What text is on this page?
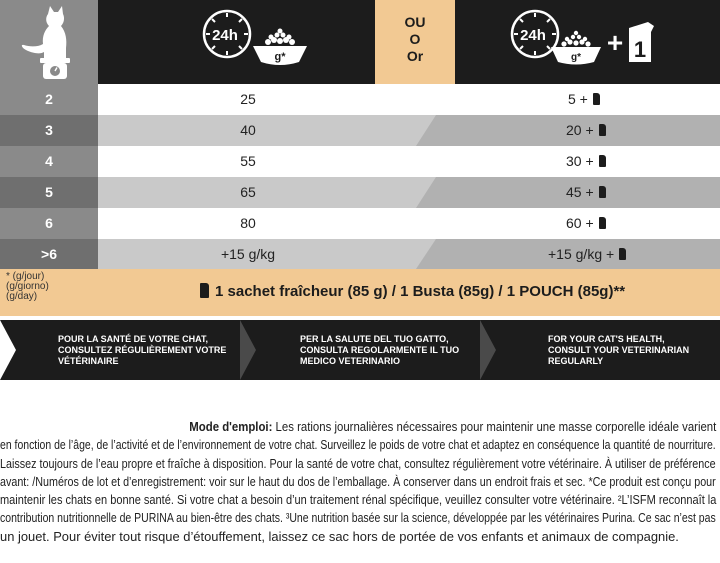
24h
g*
OU
O
Or
24h
g* + 1
2	25	5 +
3	40	20 +
4	55	30 +
5	65	45 +
6	80	60 +
>6	+15 g/kg	+15 g/kg +
* (g/jour)
(g/giorno)
(g/day)	1 sachet fraîcheur (85 g) / 1 Busta (85g) / 1 POUCH (85g)**
POUR LA SANTÉ DE VOTRE CHAT,
CONSULTEZ RÉGULIÈREMENT VOTRE
VÉTÉRINAIRE
PER LA SALUTE DEL TUO GATTO,
CONSULTA REGOLARMENTE IL TUO
MEDICO VETERINARIO
FOR YOUR CAT'S HEALTH,
CONSULT YOUR VETERINARIAN
REGULARLY

Mode d'emploi: Les rations journalières nécessaires pour maintenir une masse corporelle idéale varient

en fonction de l’âge, de l’activité et de l’environnement de votre chat. Surveillez le poids de votre chat et adaptez en conséquence la quantité de nourriture.

Laissez toujours de l’eau propre et fraîche à disposition. Pour la santé de votre chat, consultez régulièrement votre vétérinaire. À utiliser de préférence

avant: /Numéros de lot et d’enregistrement: voir sur le haut du dos de l’emballage. À conserver dans un endroit frais et sec. *Ce produit est conçu pour

maintenir les chats en bonne santé. Si votre chat a besoin d’un traitement rénal spécifique, veuillez consulter votre vétérinaire. ²L’ISFM reconnaît la

contribution nutritionnelle de PURINA au bien-être des chats. ³Une nutrition basée sur la science, développée par les vétérinaires Purina. Ce sac n’est pas

un jouet. Pour éviter tout risque d’étouffement, laissez ce sac hors de portée de vos enfants et animaux de compagnie.
